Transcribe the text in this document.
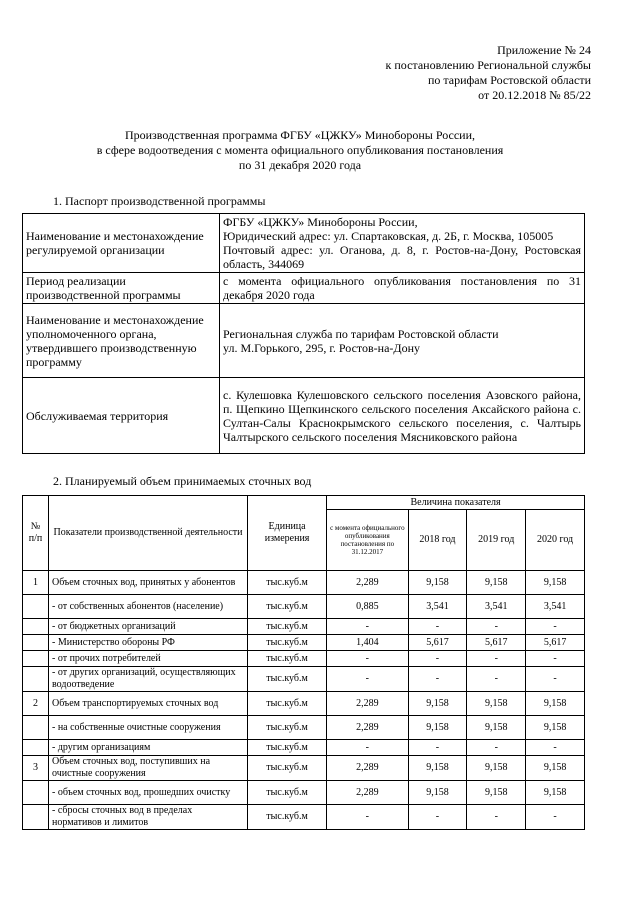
Приложение № 24
к постановлению Региональной службы
по тарифам Ростовской области
от 20.12.2018 № 85/22
Производственная программа ФГБУ «ЦЖКУ» Минобороны России,
в сфере водоотведения с момента официального опубликования постановления
по 31 декабря 2020 года
1. Паспорт производственной программы
Наименование и местонахождение регулируемой организации	ФГБУ «ЦЖКУ» Минобороны России,
Юридический адрес: ул. Спартаковская, д. 2Б, г. Москва, 105005
Почтовый адрес: ул. Оганова, д. 8, г. Ростов-на-Дону, Ростовская область, 344069

Период реализации производственной программы	с момента официального опубликования постановления по 31 декабря 2020 года

Наименование и местонахождение уполномоченного органа, утвердившего производственную программу	Региональная служба по тарифам Ростовской области
ул. М.Горького, 295, г. Ростов-на-Дону

Обслуживаемая территория	с. Кулешовка Кулешовского сельского поселения Азовского района, п. Щепкино Щепкинского сельского поселения Аксайского района с. Султан-Салы Краснокрымского сельского поселения, с. Чалтырь Чалтырского сельского поселения Мясниковского района
2. Планируемый объем принимаемых сточных вод
№ п/п	Показатели производственной деятельности	Единица измерения	Величина показателя			
			с момента официального опубликования постановления по 31.12.2017	2018 год	2019 год	2020 год
1	Объем сточных вод, принятых у абонентов	тыс.куб.м	2,289	9,158	9,158	9,158
	- от собственных абонентов (население)	тыс.куб.м	0,885	3,541	3,541	3,541
	- от бюджетных организаций	тыс.куб.м	-	-	-	-
	- Министерство обороны РФ	тыс.куб.м	1,404	5,617	5,617	5,617
	- от прочих потребителей	тыс.куб.м	-	-	-	-
	- от других организаций, осуществляющих водоотведение	тыс.куб.м	-	-	-	-
2	Объем транспортируемых сточных вод	тыс.куб.м	2,289	9,158	9,158	9,158
	- на собственные очистные сооружения	тыс.куб.м	2,289	9,158	9,158	9,158
	- другим организациям	тыс.куб.м	-	-	-	-
3	Объем сточных вод, поступивших на очистные сооружения	тыс.куб.м	2,289	9,158	9,158	9,158
	- объем сточных вод, прошедших очистку	тыс.куб.м	2,289	9,158	9,158	9,158
	- сбросы сточных вод в пределах нормативов и лимитов	тыс.куб.м	-	-	-	-
